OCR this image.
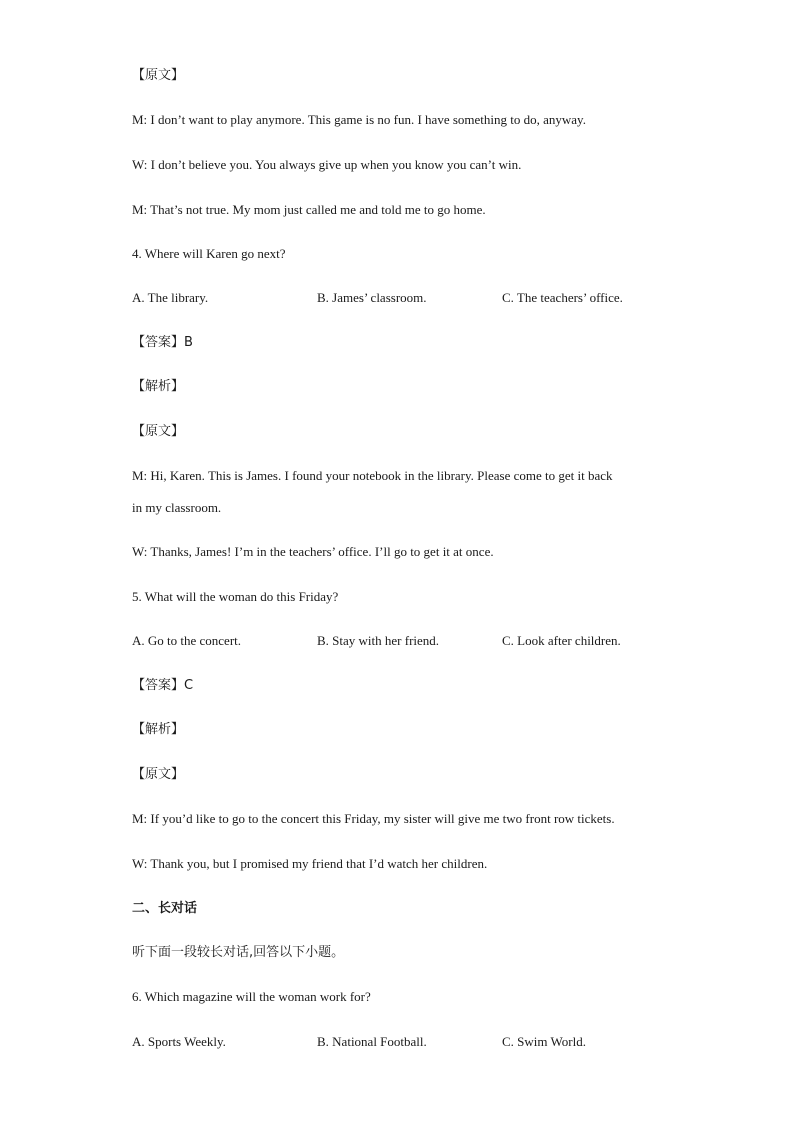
【原文】
M: I don’t want to play anymore. This game is no fun. I have something to do, anyway.
W: I don’t believe you. You always give up when you know you can’t win.
M: That’s not true. My mom just called me and told me to go home.
4. Where will Karen go next?
A. The library.	B. James’ classroom.	C. The teachers’ office.
【答案】B
【解析】
【原文】
M: Hi, Karen. This is James. I found your notebook in the library. Please come to get it back
in my classroom.
W: Thanks, James! I’m in the teachers’ office. I’ll go to get it at once.
5. What will the woman do this Friday?
A. Go to the concert.	B. Stay with her friend.	C. Look after children.
【答案】C
【解析】
【原文】
M: If you’d like to go to the concert this Friday, my sister will give me two front row tickets.
W: Thank you, but I promised my friend that I’d watch her children.
二、长对话
听下面一段较长对话,回答以下小题。
6. Which magazine will the woman work for?
A. Sports Weekly.	B. National Football.	C. Swim World.
